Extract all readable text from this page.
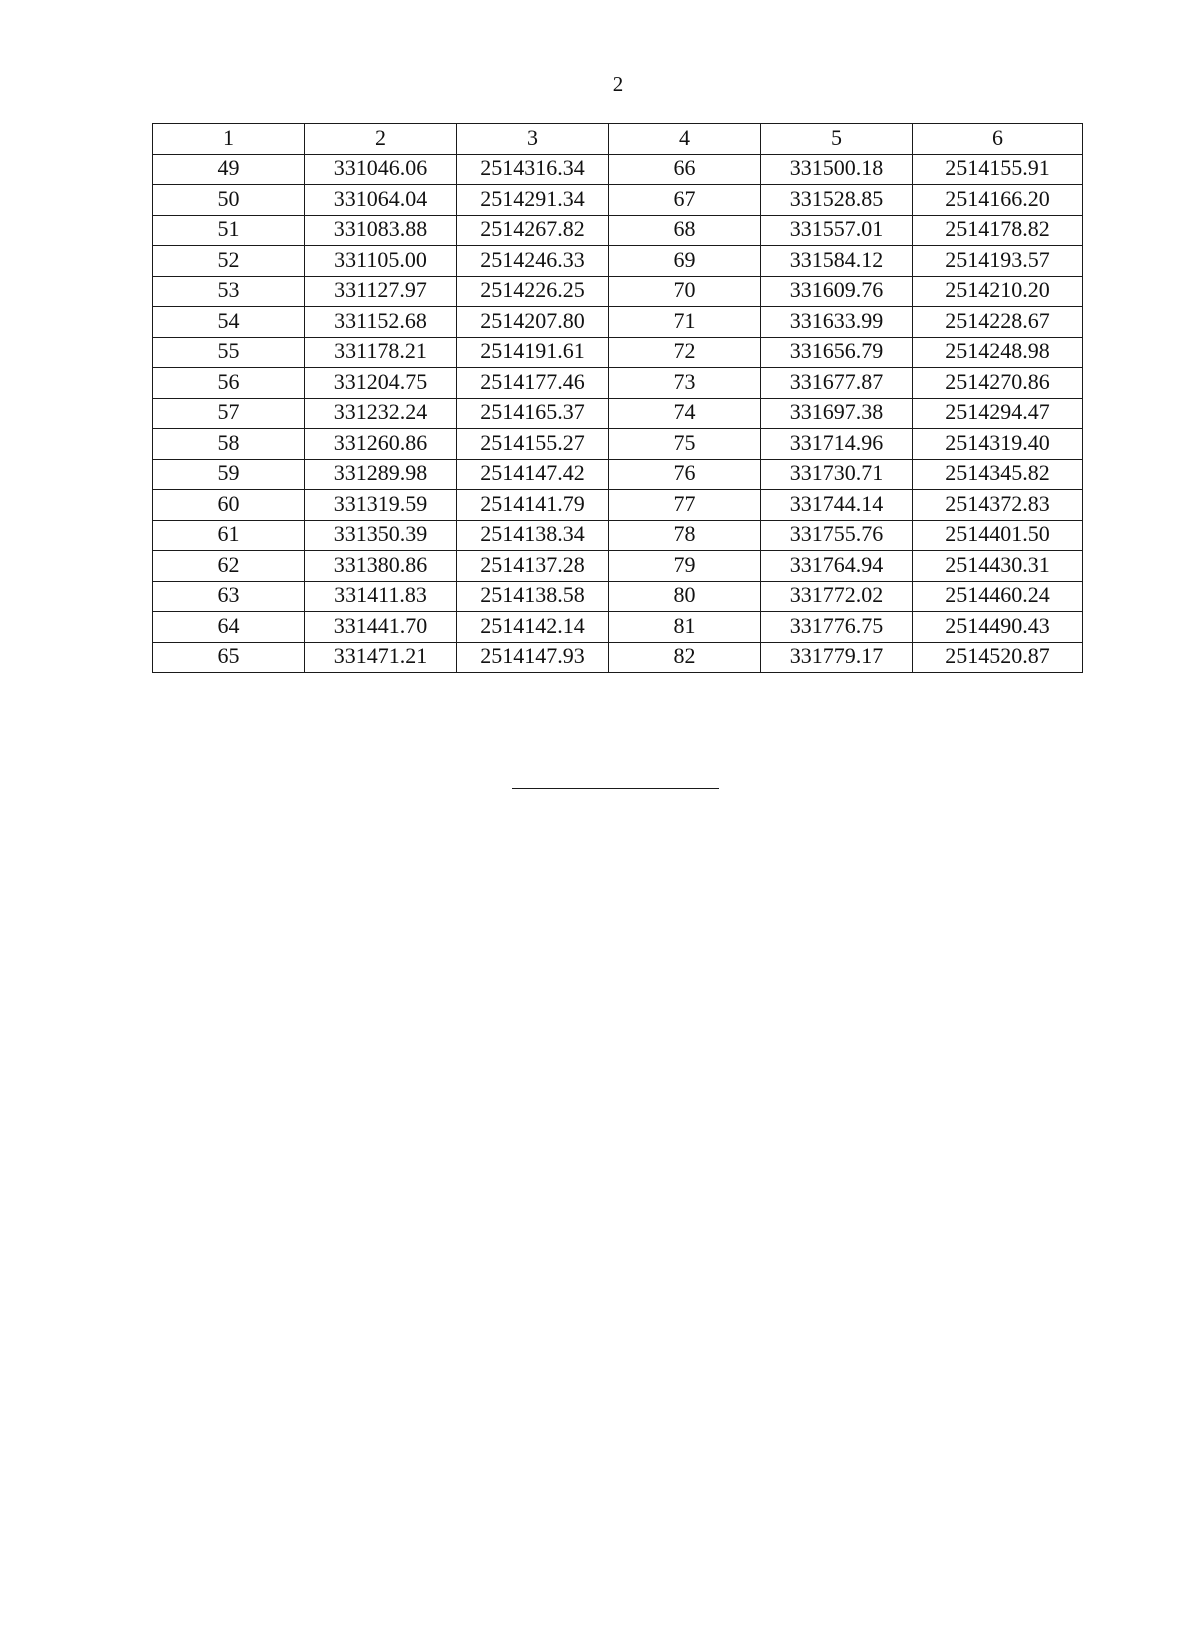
2
1	2	3	4	5	6
49	331046.06	2514316.34	66	331500.18	2514155.91
50	331064.04	2514291.34	67	331528.85	2514166.20
51	331083.88	2514267.82	68	331557.01	2514178.82
52	331105.00	2514246.33	69	331584.12	2514193.57
53	331127.97	2514226.25	70	331609.76	2514210.20
54	331152.68	2514207.80	71	331633.99	2514228.67
55	331178.21	2514191.61	72	331656.79	2514248.98
56	331204.75	2514177.46	73	331677.87	2514270.86
57	331232.24	2514165.37	74	331697.38	2514294.47
58	331260.86	2514155.27	75	331714.96	2514319.40
59	331289.98	2514147.42	76	331730.71	2514345.82
60	331319.59	2514141.79	77	331744.14	2514372.83
61	331350.39	2514138.34	78	331755.76	2514401.50
62	331380.86	2514137.28	79	331764.94	2514430.31
63	331411.83	2514138.58	80	331772.02	2514460.24
64	331441.70	2514142.14	81	331776.75	2514490.43
65	331471.21	2514147.93	82	331779.17	2514520.87
